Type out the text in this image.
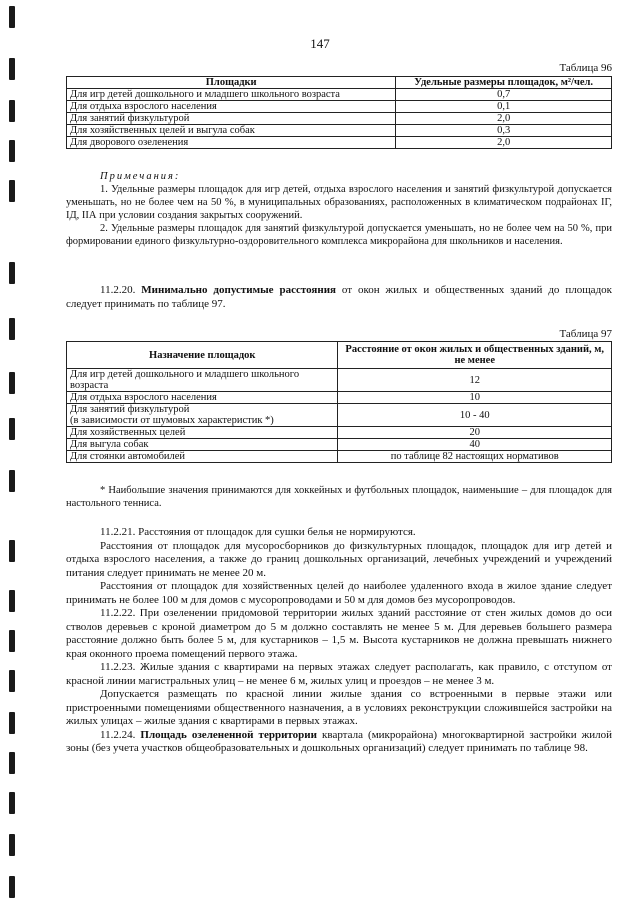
147
Таблица 96
Площадки	Удельные размеры площадок, м²/чел.
Для игр детей дошкольного и младшего школьного возраста	0,7
Для отдыха взрослого населения	0,1
Для занятий физкультурой	2,0
Для хозяйственных целей и выгула собак	0,3
Для дворового озеленения	2,0

Примечания:

1. Удельные размеры площадок для игр детей, отдыха взрослого населения и занятий физкультурой допускается уменьшать, но не более чем на 50 %, в муниципальных образованиях, расположенных в климатическом подрайонах IГ, IД, IIА при условии создания закрытых сооружений.

2. Удельные размеры площадок для занятий физкультурой допускается уменьшать, но не более чем на 50 %, при формировании единого физкультурно-оздоровительного комплекса микрорайона для школьников и населения.

11.2.20. Минимально допустимые расстояния от окон жилых и общественных зданий до площадок следует принимать по таблице 97.

Таблица 97
Назначение площадок	Расстояние от окон жилых и общественных зданий, м, не менее
Для игр детей дошкольного и младшего школьного возраста	12
Для отдыха взрослого населения	10

Для занятий физкультурой
(в зависимости от шумовых характеристик *)	10 - 40
Для хозяйственных целей	20
Для выгула собак	40
Для стоянки автомобилей	по таблице 82 настоящих нормативов

* Наибольшие значения принимаются для хоккейных и футбольных площадок, наименьшие – для площадок для настольного тенниса.

11.2.21. Расстояния от площадок для сушки белья не нормируются.

Расстояния от площадок для мусоросборников до физкультурных площадок, площадок для игр детей и отдыха взрослого населения, а также до границ дошкольных организаций, лечебных учреждений и учреждений питания следует принимать не менее 20 м.

Расстояния от площадок для хозяйственных целей до наиболее удаленного входа в жилое здание следует принимать не более 100 м для домов с мусоропроводами и 50 м для домов без мусоропроводов.

11.2.22. При озеленении придомовой территории жилых зданий расстояние от стен жилых домов до оси стволов деревьев с кроной диаметром до 5 м должно составлять не менее 5 м. Для деревьев большего размера расстояние должно быть более 5 м, для кустарников – 1,5 м. Высота кустарников не должна превышать нижнего края оконного проема помещений первого этажа.

11.2.23. Жилые здания с квартирами на первых этажах следует располагать, как правило, с отступом от красной линии магистральных улиц – не менее 6 м, жилых улиц и проездов – не менее 3 м.

Допускается размещать по красной линии жилые здания со встроенными в первые этажи или пристроенными помещениями общественного назначения, а в условиях реконструкции сложившейся застройки на жилых улицах – жилые здания с квартирами в первых этажах.

11.2.24. Площадь озелененной территории квартала (микрорайона) многоквартирной застройки жилой зоны (без учета участков общеобразовательных и дошкольных организаций) следует принимать по таблице 98.
